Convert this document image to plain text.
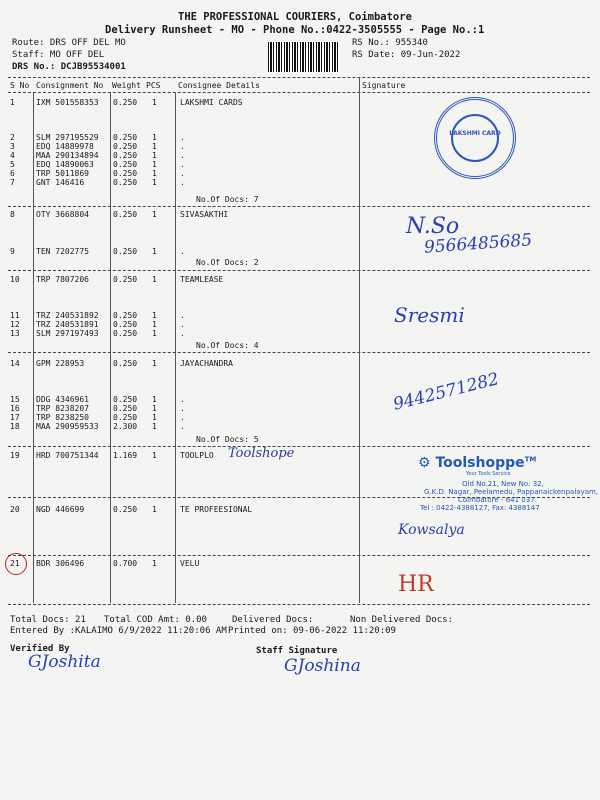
THE PROFESSIONAL COURIERS, Coimbatore
Delivery Runsheet - MO - Phone No.:0422-3505555 - Page No.:1
Route: DRS OFF DEL MO
Staff: MO OFF DEL
DRS No.: DCJB95534001
RS No.: 955340
RS Date: 09-Jun-2022
S No Consignment No Weight PCS Consignee Details	Signature
1	IXM 501558353 0.250 1	LAKSHMI CARDS
2	SLM 297195529 0.250 1	.
3	EDQ 14889978 0.250 1	.
4	MAA 290134894 0.250 1	.
5	EDQ 14890063 0.250 1	.
6	TRP 5011869	0.250 1	.
7	GNT 146416	0.250 1	.
8	OTY 3668804	0.250 1	SIVASAKTHI
9	TEN 7202775	0.250 1	.
10 TRP 7807206	0.250 1	TEAMLEASE
11 TRZ 240531892 0.250 1	.
12 TRZ 240531891 0.250 1	.
13 SLM 297197493 0.250 1	.
14 GPM 228953	0.250 1	JAYACHANDRA
15 DDG 4346961	0.250 1	.
16 TRP 8238207	0.250 1	.
17 TRP 8238250	0.250 1	.
18 MAA 290959533 2.300 1	.
19 HRD 700751344 1.169 1	TOOLPLO
20 NGD 446699	0.250 1	TE PROFEESIONAL
21 BDR 306496	0.700 1	VELU
No.Of Docs: 7
No.Of Docs: 2
No.Of Docs: 4
No.Of Docs: 5
LAKSHMI CARD
N.So
9566485685
Sresmi
9442571282
Toolshope
Kowsalya
HR
⚙ Toolshoppe™
Your Tools Service
Old No.21, New No: 32,
G.K.D. Nagar, Peelamedu, Pappanaickenpalayam,
Coimbatore - 641 037.
Tel : 0422-4388127, Fax: 4388147
Total Docs: 21 Total COD Amt: 0.00	Delivered Docs:	Non Delivered Docs:
Entered By :KALAIMO 6/9/2022 11:20:06 AM Printed on: 09-06-2022 11:20:09
Verified By	Staff Signature
GJoshita	GJoshina
